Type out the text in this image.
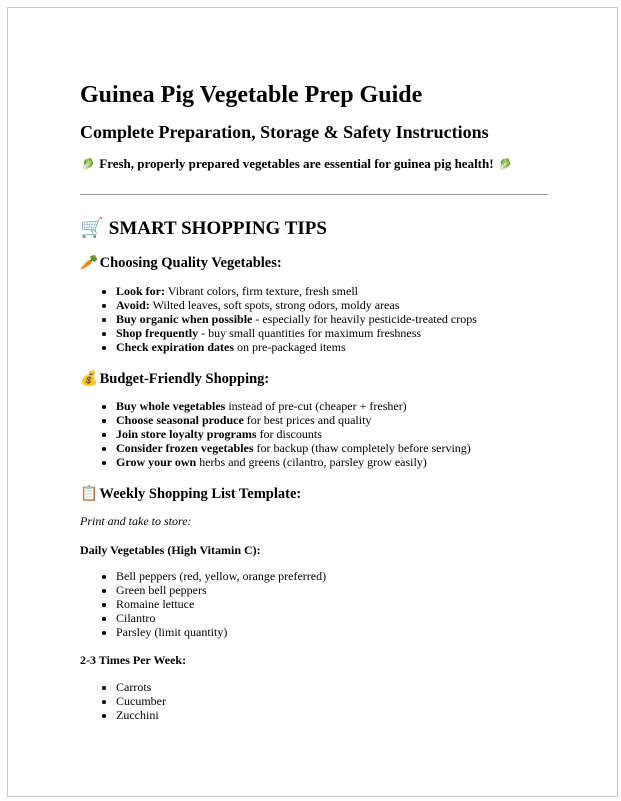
Guinea Pig Vegetable Prep Guide
Complete Preparation, Storage & Safety Instructions

🥬 Fresh, properly prepared vegetables are essential for guinea pig health! 🥬

🛒 SMART SHOPPING TIPS
🥕 Choosing Quality Vegetables:
• Look for: Vibrant colors, firm texture, fresh smell
• Avoid: Wilted leaves, soft spots, strong odors, moldy areas
• Buy organic when possible - especially for heavily pesticide-treated crops
• Shop frequently - buy small quantities for maximum freshness
• Check expiration dates on pre-packaged items
💰 Budget-Friendly Shopping:
• Buy whole vegetables instead of pre-cut (cheaper + fresher)
• Choose seasonal produce for best prices and quality
• Join store loyalty programs for discounts
• Consider frozen vegetables for backup (thaw completely before serving)
• Grow your own herbs and greens (cilantro, parsley grow easily)
📋 Weekly Shopping List Template:

Print and take to store:

Daily Vegetables (High Vitamin C):

• Bell peppers (red, yellow, orange preferred)
• Green bell peppers
• Romaine lettuce
• Cilantro
• Parsley (limit quantity)

2-3 Times Per Week:

• Carrots
• Cucumber
• Zucchini
